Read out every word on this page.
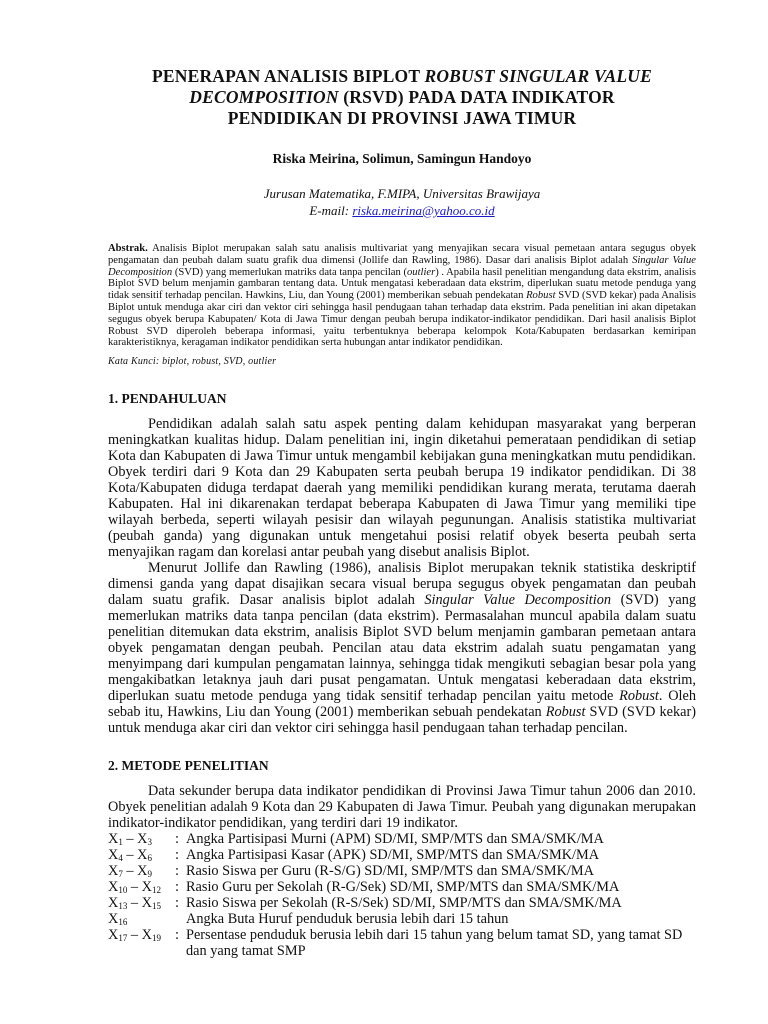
PENERAPAN ANALISIS BIPLOT ROBUST SINGULAR VALUE
DECOMPOSITION (RSVD) PADA DATA INDIKATOR
PENDIDIKAN DI PROVINSI JAWA TIMUR
Riska Meirina, Solimun, Samingun Handoyo
Jurusan Matematika, F.MIPA, Universitas Brawijaya
E-mail: riska.meirina@yahoo.co.id
Abstrak. Analisis Biplot merupakan salah satu analisis multivariat yang menyajikan secara visual pemetaan antara segugus obyek pengamatan dan peubah dalam suatu grafik dua dimensi (Jollife dan Rawling, 1986). Dasar dari analisis Biplot adalah Singular Value Decomposition (SVD) yang memerlukan matriks data tanpa pencilan (outlier) . Apabila hasil penelitian mengandung data ekstrim, analisis Biplot SVD belum menjamin gambaran tentang data. Untuk mengatasi keberadaan data ekstrim, diperlukan suatu metode penduga yang tidak sensitif terhadap pencilan. Hawkins, Liu, dan Young (2001) memberikan sebuah pendekatan Robust SVD (SVD kekar) pada Analisis Biplot untuk menduga akar ciri dan vektor ciri sehingga hasil pendugaan tahan terhadap data ekstrim. Pada penelitian ini akan dipetakan segugus obyek berupa Kabupaten/ Kota di Jawa Timur dengan peubah berupa indikator-indikator pendidikan. Dari hasil analisis Biplot Robust SVD diperoleh beberapa informasi, yaitu terbentuknya beberapa kelompok Kota/Kabupaten berdasarkan kemiripan karakteristiknya, keragaman indikator pendidikan serta hubungan antar indikator pendidikan.
Kata Kunci: biplot, robust, SVD, outlier
1. PENDAHULUAN

Pendidikan adalah salah satu aspek penting dalam kehidupan masyarakat yang berperan meningkatkan kualitas hidup. Dalam penelitian ini, ingin diketahui pemerataan pendidikan di setiap Kota dan Kabupaten di Jawa Timur untuk mengambil kebijakan guna meningkatkan mutu pendidikan. Obyek terdiri dari 9 Kota dan 29 Kabupaten serta peubah berupa 19 indikator pendidikan. Di 38 Kota/Kabupaten diduga terdapat daerah yang memiliki pendidikan kurang merata, terutama daerah Kabupaten. Hal ini dikarenakan terdapat beberapa Kabupaten di Jawa Timur yang memiliki tipe wilayah berbeda, seperti wilayah pesisir dan wilayah pegunungan. Analisis statistika multivariat (peubah ganda) yang digunakan untuk mengetahui posisi relatif obyek beserta peubah serta menyajikan ragam dan korelasi antar peubah yang disebut analisis Biplot.

Menurut Jollife dan Rawling (1986), analisis Biplot merupakan teknik statistika deskriptif dimensi ganda yang dapat disajikan secara visual berupa segugus obyek pengamatan dan peubah dalam suatu grafik. Dasar analisis biplot adalah Singular Value Decomposition (SVD) yang memerlukan matriks data tanpa pencilan (data ekstrim). Permasalahan muncul apabila dalam suatu penelitian ditemukan data ekstrim, analisis Biplot SVD belum menjamin gambaran pemetaan antara obyek pengamatan dengan peubah. Pencilan atau data ekstrim adalah suatu pengamatan yang menyimpang dari kumpulan pengamatan lainnya, sehingga tidak mengikuti sebagian besar pola yang mengakibatkan letaknya jauh dari pusat pengamatan. Untuk mengatasi keberadaan data ekstrim, diperlukan suatu metode penduga yang tidak sensitif terhadap pencilan yaitu metode Robust. Oleh sebab itu, Hawkins, Liu dan Young (2001) memberikan sebuah pendekatan Robust SVD (SVD kekar) untuk menduga akar ciri dan vektor ciri sehingga hasil pendugaan tahan terhadap pencilan.

2. METODE PENELITIAN

Data sekunder berupa data indikator pendidikan di Provinsi Jawa Timur tahun 2006 dan 2010. Obyek penelitian adalah 9 Kota dan 29 Kabupaten di Jawa Timur. Peubah yang digunakan merupakan indikator-indikator pendidikan, yang terdiri dari 19 indikator.

$X_1 - X_3$	: Angka Partisipasi Murni (APM) SD/MI, SMP/MTS dan SMA/SMK/MA
$X_4 - X_6$	: Angka Partisipasi Kasar (APK) SD/MI, SMP/MTS dan SMA/SMK/MA
$X_7 - X_9$	: Rasio Siswa per Guru (R-S/G) SD/MI, SMP/MTS dan SMA/SMK/MA
$X_{10} - X_{12}$ : Rasio Guru per Sekolah (R-G/Sek) SD/MI, SMP/MTS dan SMA/SMK/MA
$X_{13} - X_{15}$ : Rasio Siswa per Sekolah (R-S/Sek) SD/MI, SMP/MTS dan SMA/SMK/MA
$X_{16}$	Angka Buta Huruf penduduk berusia lebih dari 15 tahun
$X_{17} - X_{19}$ : Persentase penduduk berusia lebih dari 15 tahun yang belum tamat SD, yang tamat SD dan yang tamat SMP
